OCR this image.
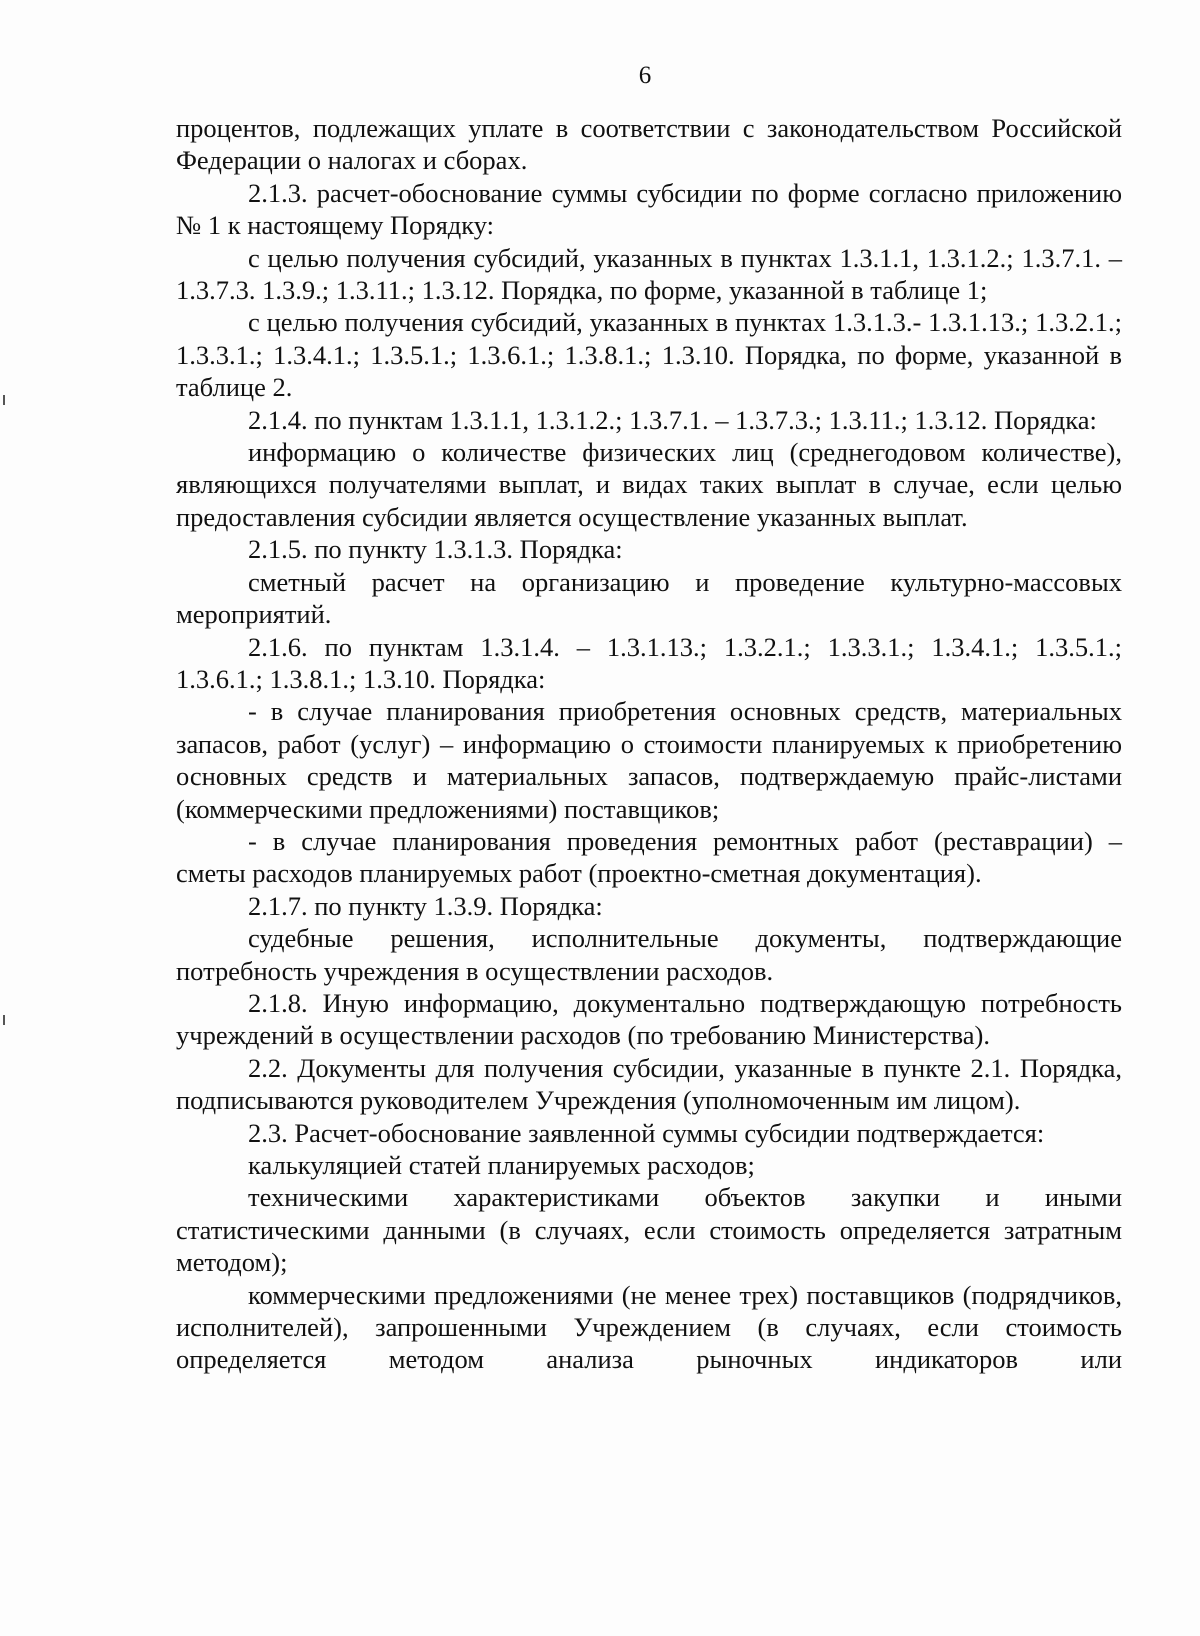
6

процентов, подлежащих уплате в соответствии с законодательством Российской Федерации о налогах и сборах.

2.1.3. расчет-обоснование суммы субсидии по форме согласно приложению № 1 к настоящему Порядку:

с целью получения субсидий, указанных в пунктах 1.3.1.1, 1.3.1.2.; 1.3.7.1. – 1.3.7.3. 1.3.9.; 1.3.11.; 1.3.12. Порядка, по форме, указанной в таблице 1;

с целью получения субсидий, указанных в пунктах 1.3.1.3.- 1.3.1.13.; 1.3.2.1.; 1.3.3.1.; 1.3.4.1.; 1.3.5.1.; 1.3.6.1.; 1.3.8.1.; 1.3.10. Порядка, по форме, указанной в таблице 2.

2.1.4. по пунктам 1.3.1.1, 1.3.1.2.; 1.3.7.1. – 1.3.7.3.; 1.3.11.; 1.3.12. Порядка:

информацию о количестве физических лиц (среднегодовом количестве), являющихся получателями выплат, и видах таких выплат в случае, если целью предоставления субсидии является осуществление указанных выплат.

2.1.5. по пункту 1.3.1.3. Порядка:

сметный расчет на организацию и проведение культурно-массовых мероприятий.

2.1.6. по пунктам 1.3.1.4. – 1.3.1.13.; 1.3.2.1.; 1.3.3.1.; 1.3.4.1.; 1.3.5.1.; 1.3.6.1.; 1.3.8.1.; 1.3.10. Порядка:

- в случае планирования приобретения основных средств, материальных запасов, работ (услуг) – информацию о стоимости планируемых к приобретению основных средств и материальных запасов, подтверждаемую прайс-листами (коммерческими предложениями) поставщиков;

- в случае планирования проведения ремонтных работ (реставрации) – сметы расходов планируемых работ (проектно-сметная документация).

2.1.7. по пункту 1.3.9. Порядка:

судебные решения, исполнительные документы, подтверждающие потребность учреждения в осуществлении расходов.

2.1.8. Иную информацию, документально подтверждающую потребность учреждений в осуществлении расходов (по требованию Министерства).

2.2. Документы для получения субсидии, указанные в пункте 2.1. Порядка, подписываются руководителем Учреждения (уполномоченным им лицом).

2.3. Расчет-обоснование заявленной суммы субсидии подтверждается:

калькуляцией статей планируемых расходов;

техническими характеристиками объектов закупки и иными статистическими данными (в случаях, если стоимость определяется затратным методом);

коммерческими предложениями (не менее трех) поставщиков (подрядчиков, исполнителей), запрошенными Учреждением (в случаях, если стоимость определяется методом анализа рыночных индикаторов или
